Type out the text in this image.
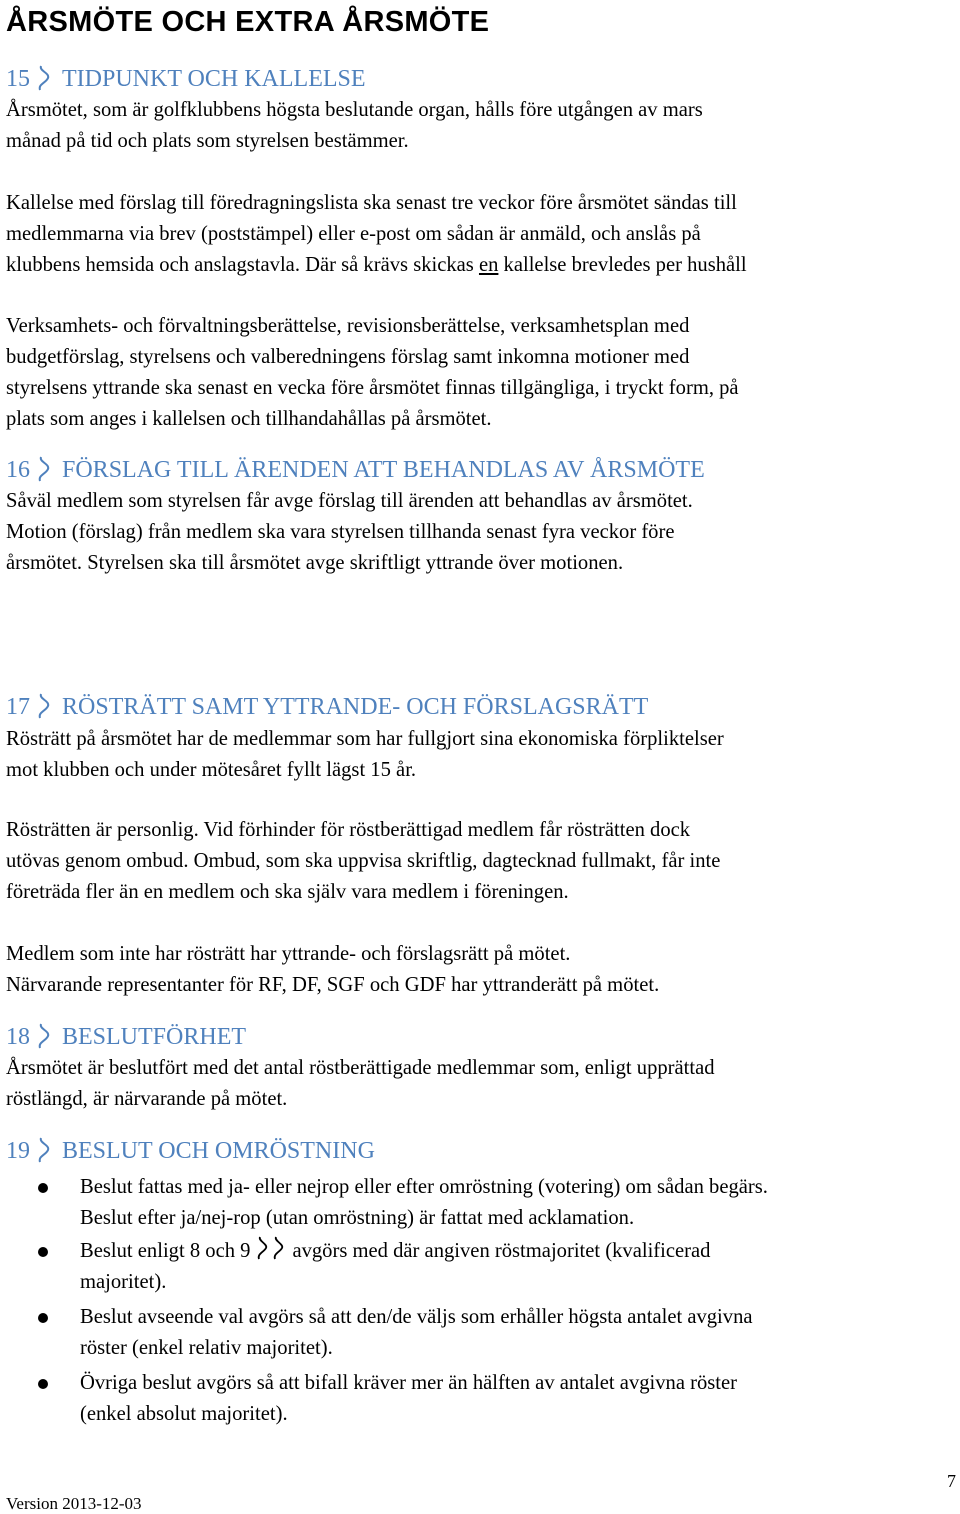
ÅRSMÖTE OCH EXTRA ÅRSMÖTE
15 TIDPUNKT OCH KALLELSE
Årsmötet, som är golfklubbens högsta beslutande organ, hålls före utgången av mars
månad på tid och plats som styrelsen bestämmer.
Kallelse med förslag till föredragningslista ska senast tre veckor före årsmötet sändas till
medlemmarna via brev (poststämpel) eller e-post om sådan är anmäld, och anslås på
klubbens hemsida och anslagstavla. Där så krävs skickas en kallelse brevledes per hushåll
Verksamhets- och förvaltningsberättelse, revisionsberättelse, verksamhetsplan med
budgetförslag, styrelsens och valberedningens förslag samt inkomna motioner med
styrelsens yttrande ska senast en vecka före årsmötet finnas tillgängliga, i tryckt form, på
plats som anges i kallelsen och tillhandahållas på årsmötet.
16 FÖRSLAG TILL ÄRENDEN ATT BEHANDLAS AV ÅRSMÖTE
Såväl medlem som styrelsen får avge förslag till ärenden att behandlas av årsmötet.
Motion (förslag) från medlem ska vara styrelsen tillhanda senast fyra veckor före
årsmötet. Styrelsen ska till årsmötet avge skriftligt yttrande över motionen.
17 RÖSTRÄTT SAMT YTTRANDE- OCH FÖRSLAGSRÄTT
Rösträtt på årsmötet har de medlemmar som har fullgjort sina ekonomiska förpliktelser
mot klubben och under mötesåret fyllt lägst 15 år.
Rösträtten är personlig. Vid förhinder för röstberättigad medlem får rösträtten dock
utövas genom ombud. Ombud, som ska uppvisa skriftlig, dagtecknad fullmakt, får inte
företräda fler än en medlem och ska själv vara medlem i föreningen.
Medlem som inte har rösträtt har yttrande- och förslagsrätt på mötet.
Närvarande representanter för RF, DF, SGF och GDF har yttranderätt på mötet.
18 BESLUTFÖRHET
Årsmötet är beslutfört med det antal röstberättigade medlemmar som, enligt upprättad
röstlängd, är närvarande på mötet.
19 BESLUT OCH OMRÖSTNING
Beslut fattas med ja- eller nejrop eller efter omröstning (votering) om sådan begärs.
Beslut efter ja/nej-rop (utan omröstning) är fattat med acklamation.
Beslut enligt 8 och 9 avgörs med där angiven röstmajoritet (kvalificerad
majoritet).
Beslut avseende val avgörs så att den/de väljs som erhåller högsta antalet avgivna
röster (enkel relativ majoritet).
Övriga beslut avgörs så att bifall kräver mer än hälften av antalet avgivna röster
(enkel absolut majoritet).
7
Version 2013-12-03
